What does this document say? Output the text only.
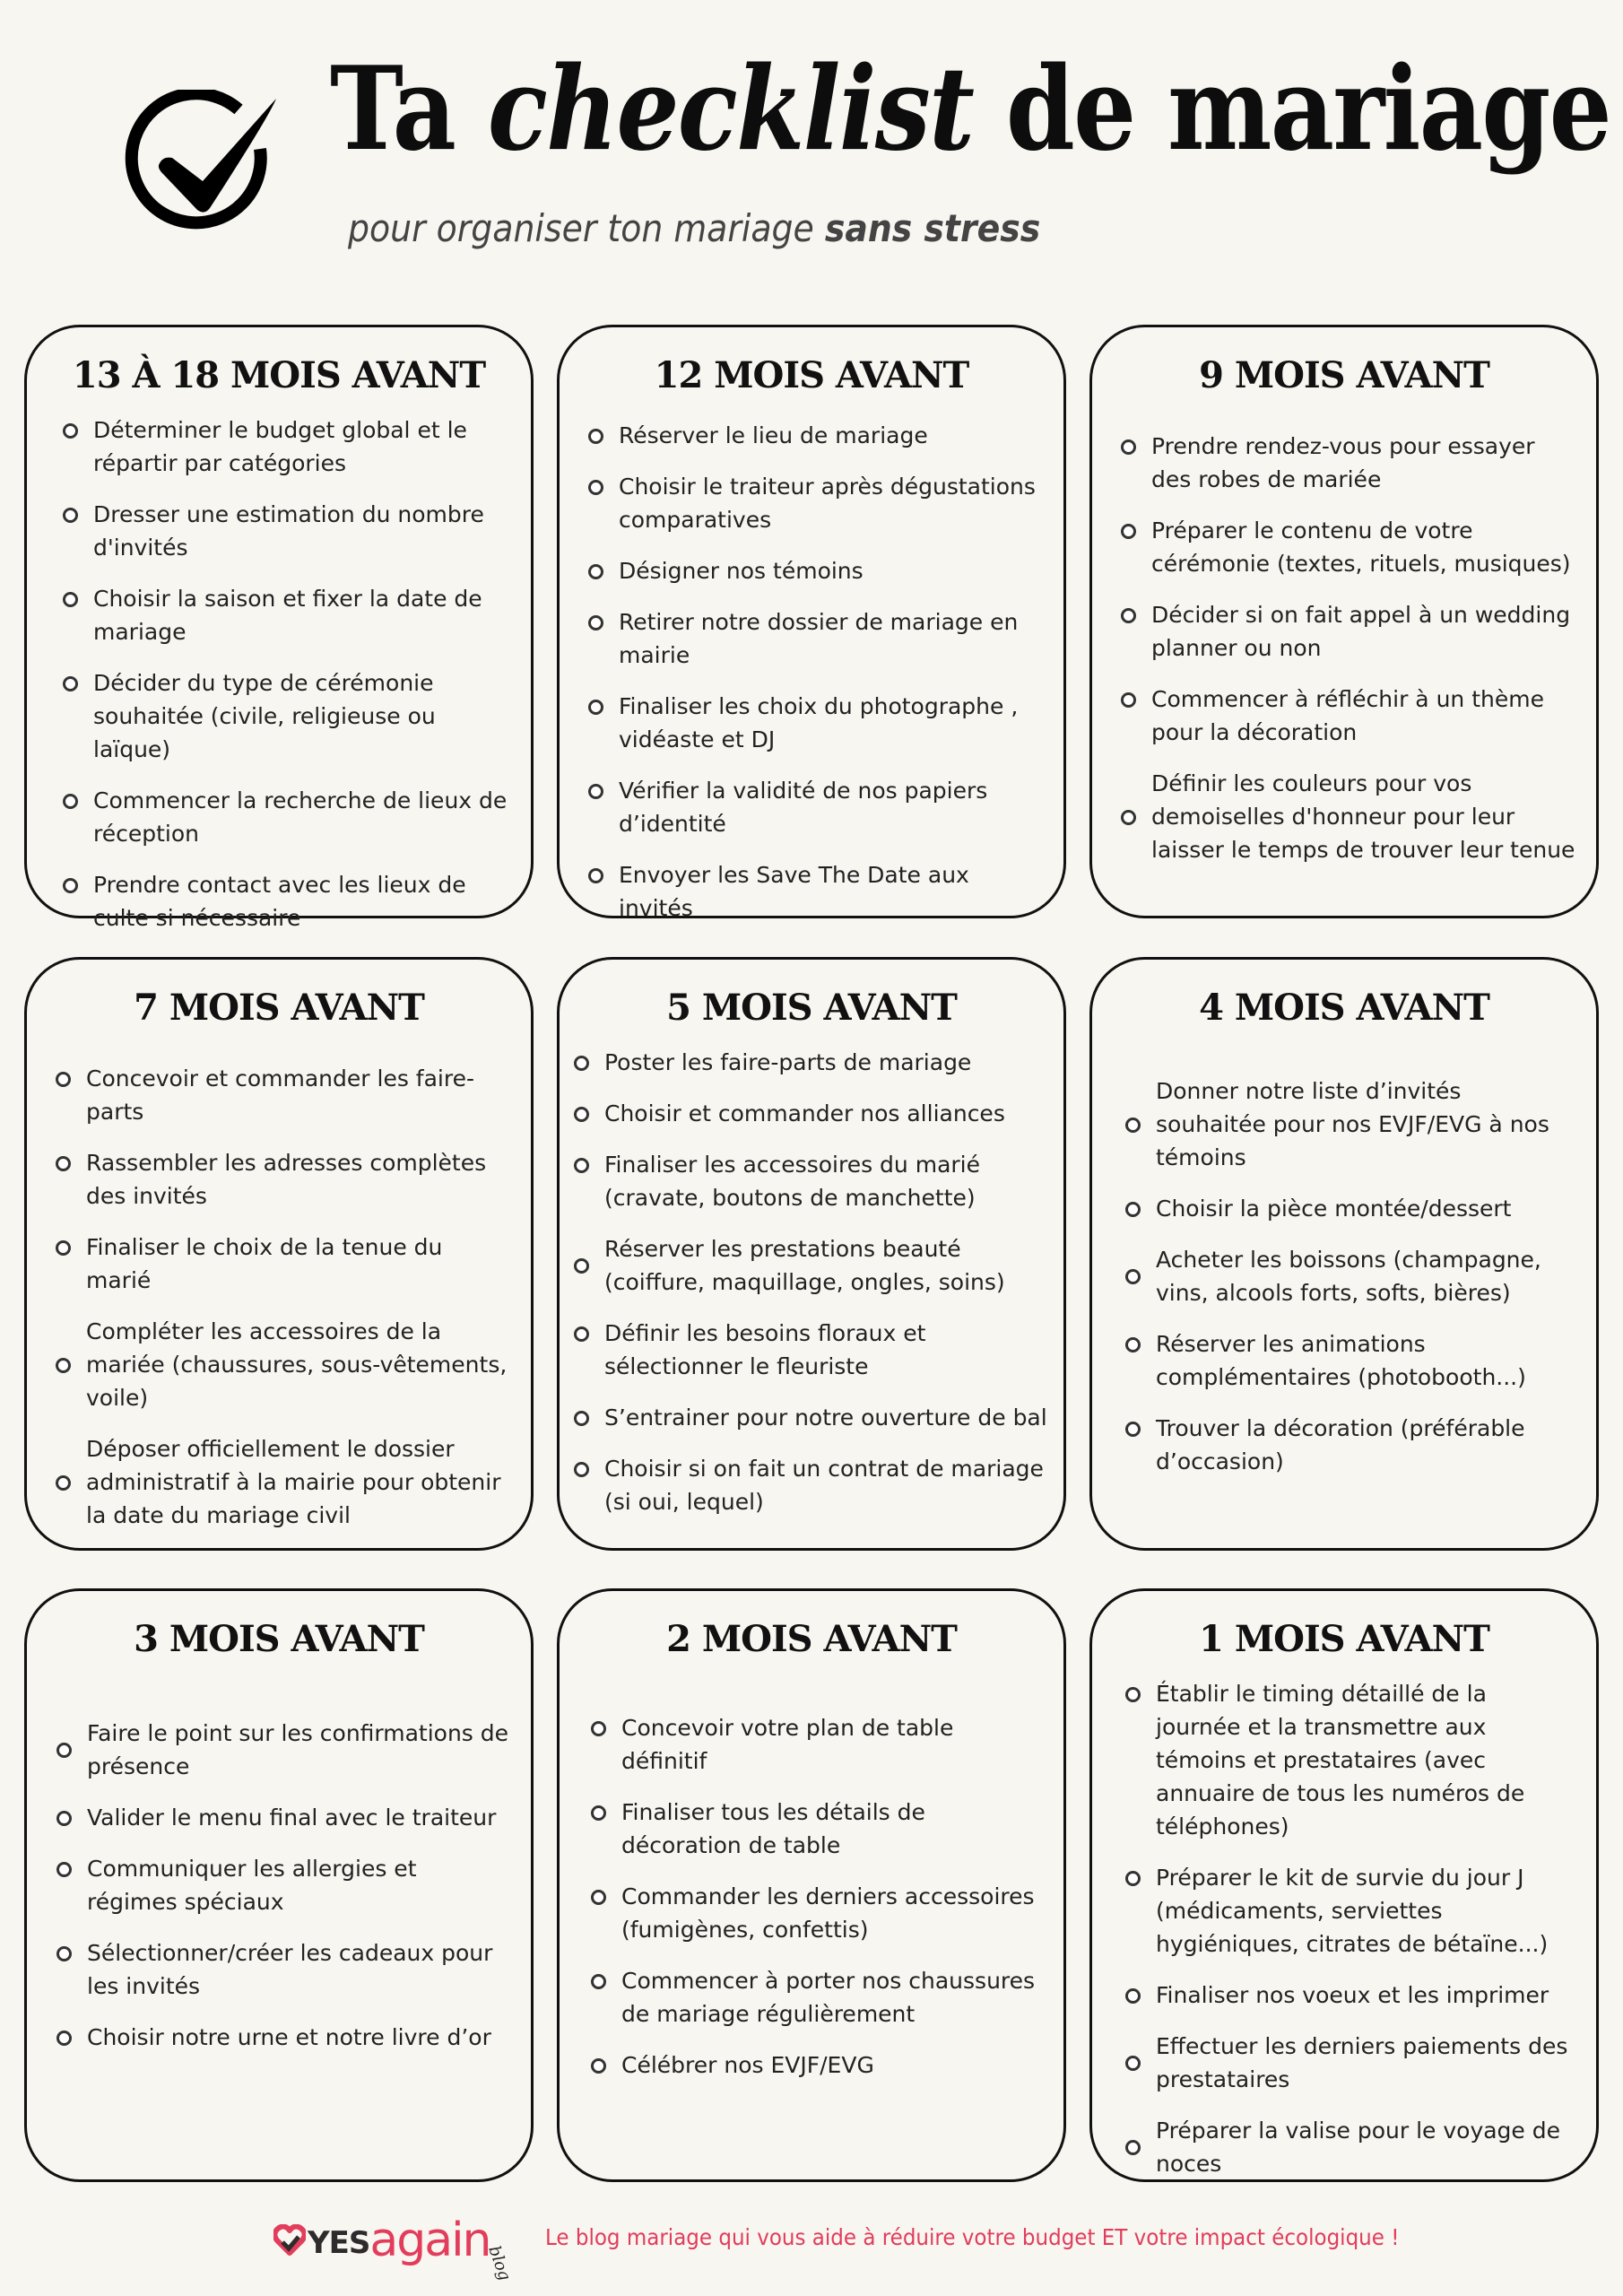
Ta checklist de mariage
pour organiser ton mariage sans stress
13 À 18 MOIS AVANT
Déterminer le budget global et le répartir par catégories
Dresser une estimation du nombre d'invités
Choisir la saison et fixer la date de mariage
Décider du type de cérémonie souhaitée (civile, religieuse ou laïque)
Commencer la recherche de lieux de réception
Prendre contact avec les lieux de culte si nécessaire
12 MOIS AVANT
Réserver le lieu de mariage
Choisir le traiteur après dégustations comparatives
Désigner nos témoins
Retirer notre dossier de mariage en mairie
Finaliser les choix du photographe , vidéaste et DJ
Vérifier la validité de nos papiers d’identité
Envoyer les Save The Date aux invités
9 MOIS AVANT
Prendre rendez-vous pour essayer des robes de mariée
Préparer le contenu de votre cérémonie (textes, rituels, musiques)
Décider si on fait appel à un wedding planner ou non
Commencer à réfléchir à un thème pour la décoration
Définir les couleurs pour vos demoiselles d'honneur pour leur laisser le temps de trouver leur tenue
7 MOIS AVANT
Concevoir et commander les faire-parts
Rassembler les adresses complètes des invités
Finaliser le choix de la tenue du marié
Compléter les accessoires de la mariée (chaussures, sous-vêtements, voile)
Déposer officiellement le dossier administratif à la mairie pour obtenir la date du mariage civil
5 MOIS AVANT
Poster les faire-parts de mariage
Choisir et commander nos alliances
Finaliser les accessoires du marié (cravate, boutons de manchette)
Réserver les prestations beauté (coiffure, maquillage, ongles, soins)
Définir les besoins floraux et sélectionner le fleuriste
S’entrainer pour notre ouverture de bal
Choisir si on fait un contrat de mariage (si oui, lequel)
4 MOIS AVANT
Donner notre liste d’invités souhaitée pour nos EVJF/EVG à nos témoins
Choisir la pièce montée/dessert
Acheter les boissons (champagne, vins, alcools forts, softs, bières)
Réserver les animations complémentaires (photobooth...)
Trouver la décoration (préférable d’occasion)
3 MOIS AVANT
Faire le point sur les confirmations de présence
Valider le menu final avec le traiteur
Communiquer les allergies et régimes spéciaux
Sélectionner/créer les cadeaux pour les invités
Choisir notre urne et notre livre d’or
2 MOIS AVANT
Concevoir votre plan de table définitif
Finaliser tous les détails de décoration de table
Commander les derniers accessoires (fumigènes, confettis)
Commencer à porter nos chaussures de mariage régulièrement
Célébrer nos EVJF/EVG
1 MOIS AVANT
Établir le timing détaillé de la journée et la transmettre aux témoins et prestataires (avec annuaire de tous les numéros de téléphones)
Préparer le kit de survie du jour J (médicaments, serviettes hygiéniques, citrates de bétaïne...)
Finaliser nos voeux et les imprimer
Effectuer les derniers paiements des prestataires
Préparer la valise pour le voyage de noces
YES again
blog
Le blog mariage qui vous aide à réduire votre budget ET votre impact écologique !
